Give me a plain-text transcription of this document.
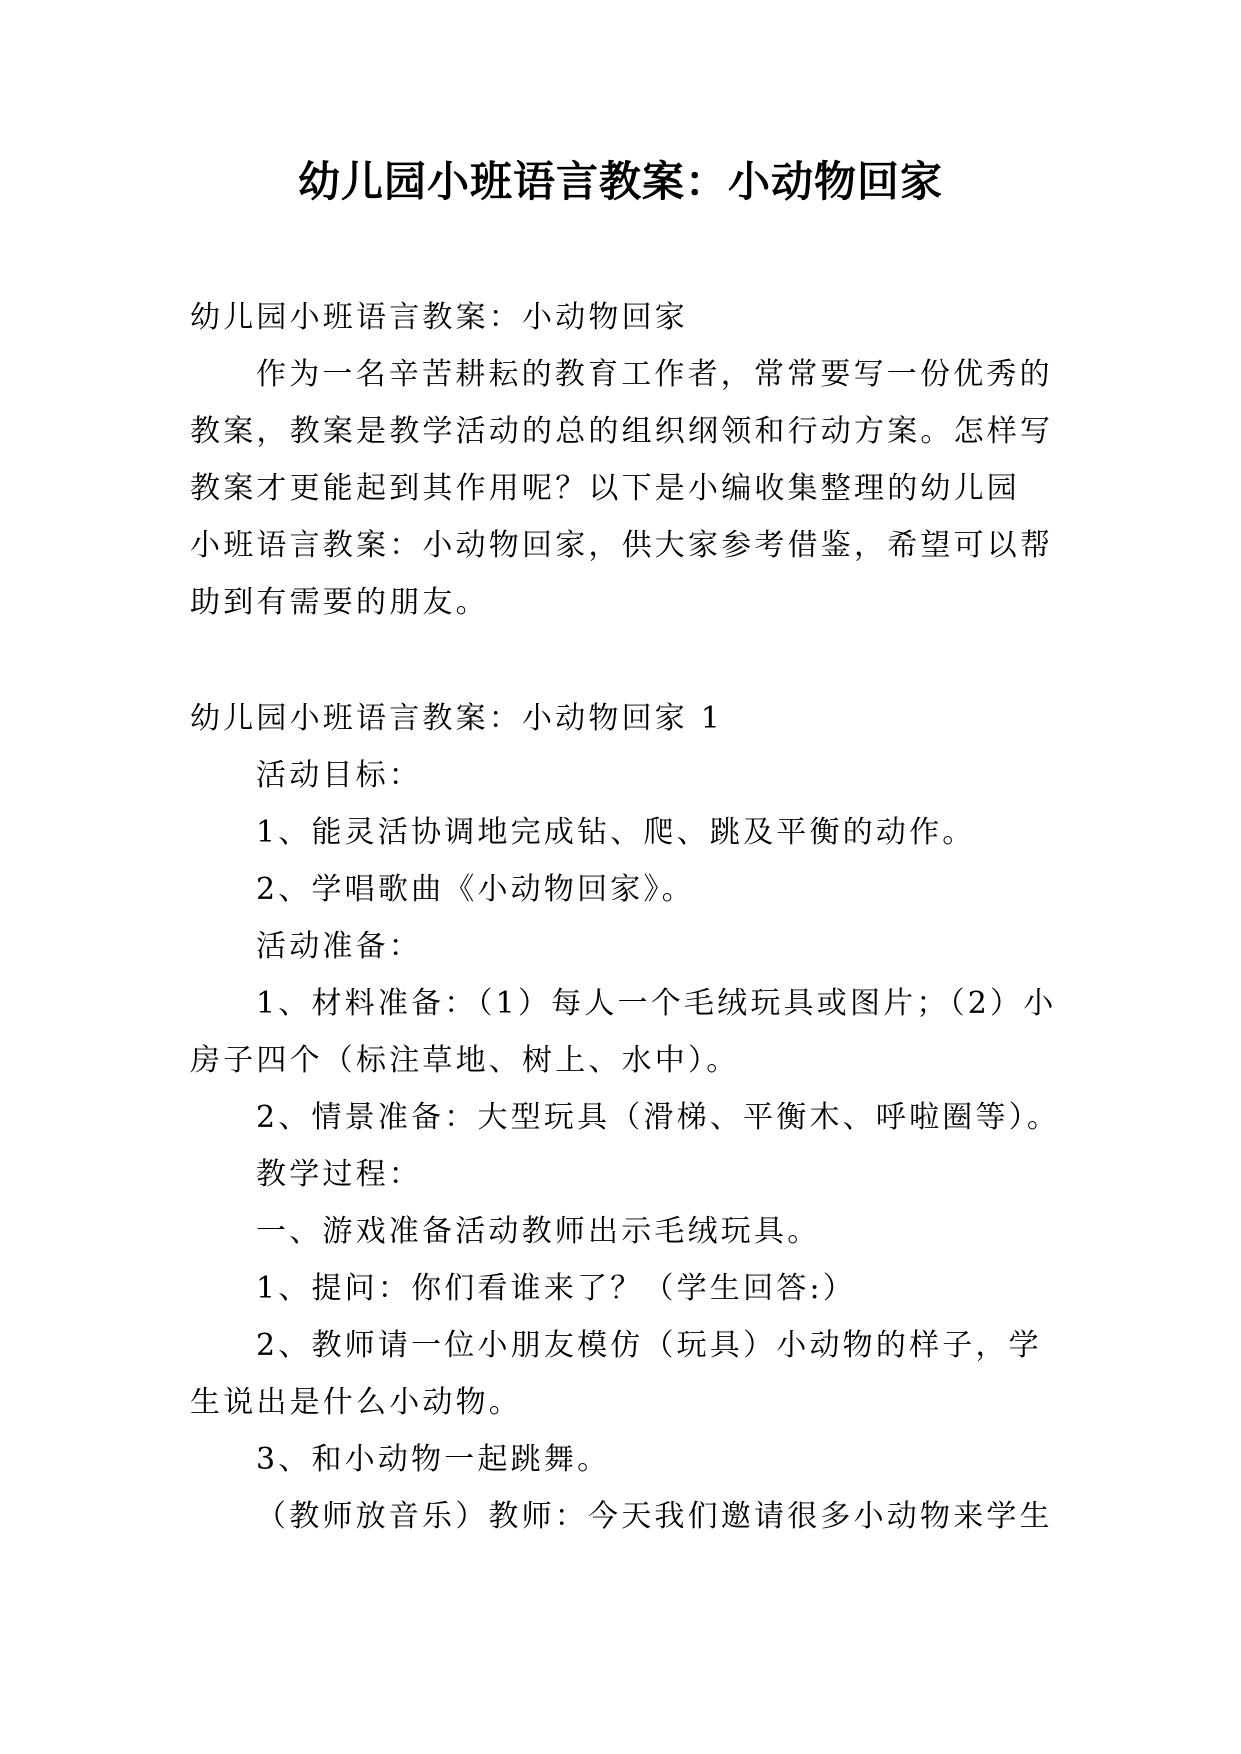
幼儿园小班语言教案：小动物回家
幼儿园小班语言教案：小动物回家
作为一名辛苦耕耘的教育工作者，常常要写一份优秀的
教案，教案是教学活动的总的组织纲领和行动方案。怎样写
教案才更能起到其作用呢？以下是小编收集整理的幼儿园
小班语言教案：小动物回家，供大家参考借鉴，希望可以帮
助到有需要的朋友。
幼儿园小班语言教案：小动物回家 1
活动目标：
1、能灵活协调地完成钻、爬、跳及平衡的动作。
2、学唱歌曲《小动物回家》。
活动准备：
1、材料准备：（1）每人一个毛绒玩具或图片；（2）小
房子四个（标注草地、树上、水中）。
2、情景准备：大型玩具（滑梯、平衡木、呼啦圈等）。
教学过程：
一、游戏准备活动教师出示毛绒玩具。
1、提问：你们看谁来了？（学生回答:）
2、教师请一位小朋友模仿（玩具）小动物的样子，学
生说出是什么小动物。
3、和小动物一起跳舞。
（教师放音乐）教师：今天我们邀请很多小动物来学生
